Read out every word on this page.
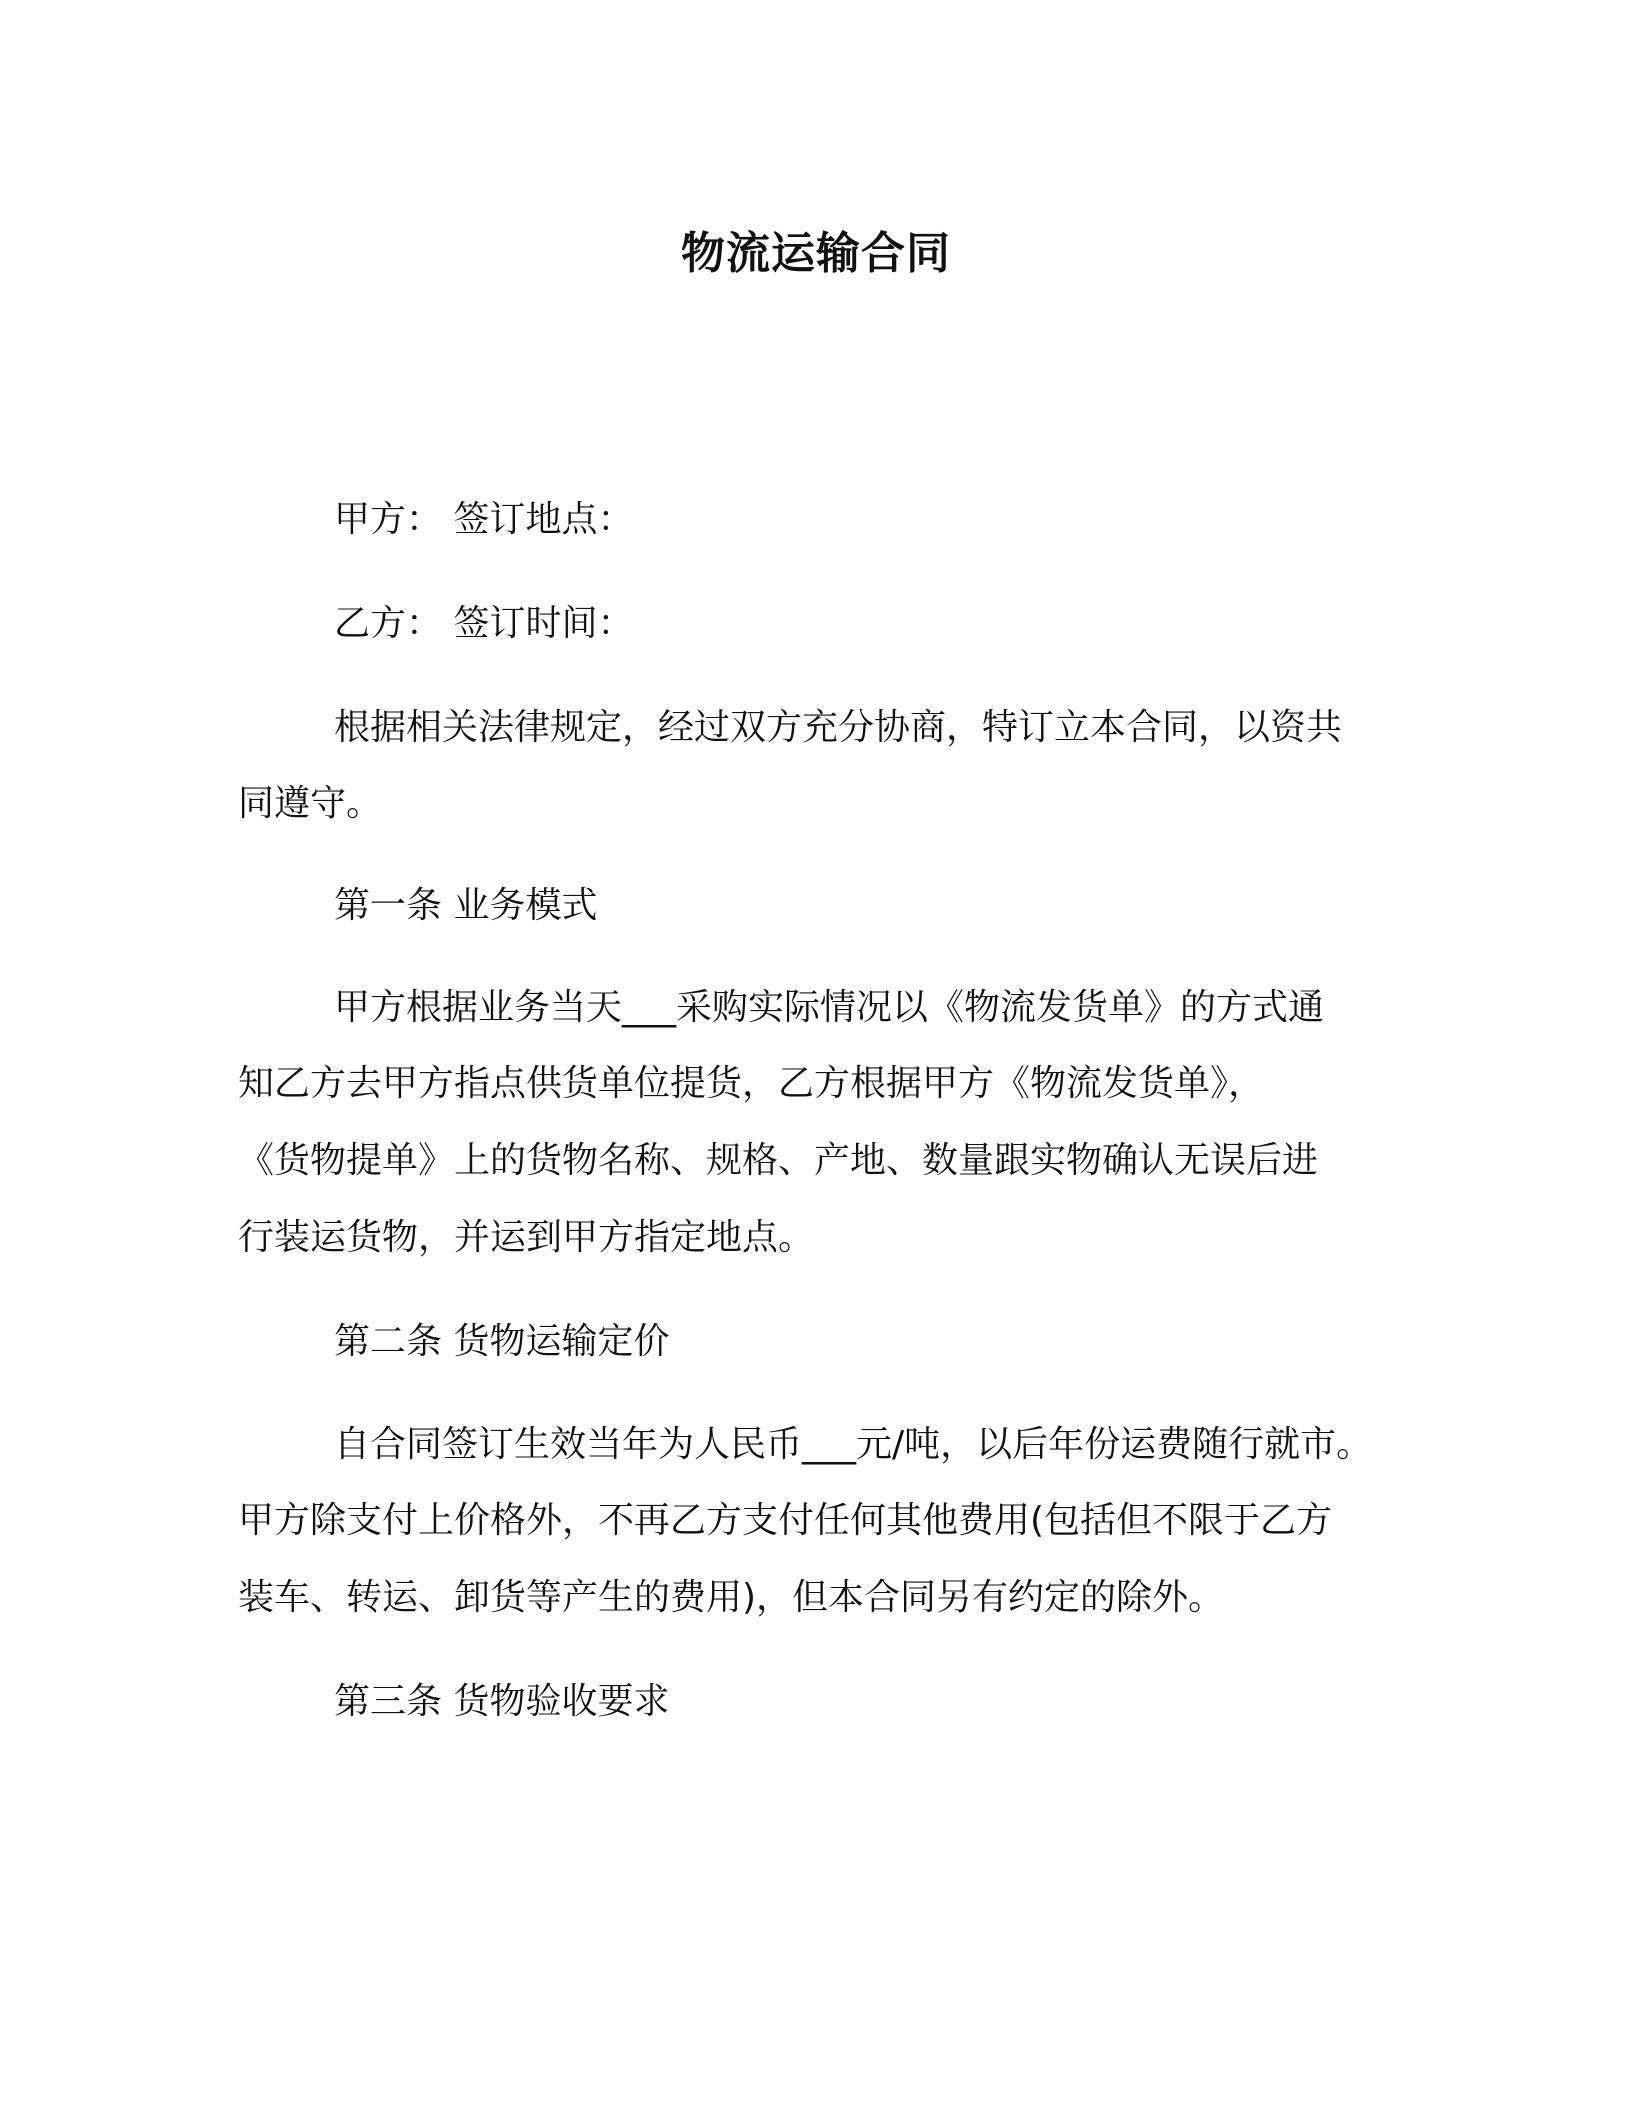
物流运输合同
甲方： 签订地点：
乙方： 签订时间：
根据相关法律规定，经过双方充分协商，特订立本合同，以资共
同遵守。
第一条 业务模式
甲方根据业务当天___采购实际情况以《物流发货单》的方式通
知乙方去甲方指点供货单位提货，乙方根据甲方《物流发货单》，
《货物提单》上的货物名称、规格、产地、数量跟实物确认无误后进
行装运货物，并运到甲方指定地点。
第二条 货物运输定价
自合同签订生效当年为人民币___元/吨，以后年份运费随行就市。
甲方除支付上价格外，不再乙方支付任何其他费用(包括但不限于乙方
装车、转运、卸货等产生的费用)，但本合同另有约定的除外。
第三条 货物验收要求
